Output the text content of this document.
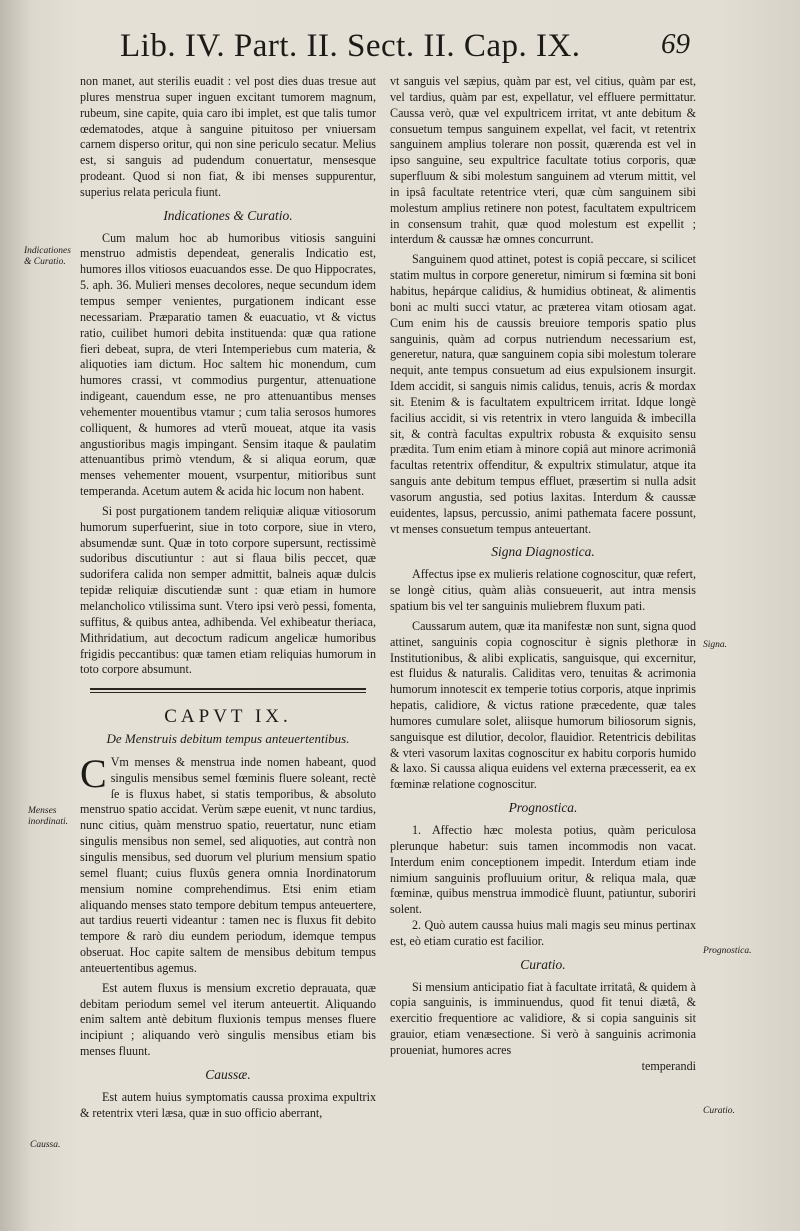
Lib. IV. Part. II. Sect. II. Cap. IX.	69
Indicationes & Curatio.
Menses inordinati.
Caussa.
Signa.
Prognostica.
Curatio.

non manet, aut sterilis euadit : vel post dies duas tresue aut plures menstrua super inguen excitant tumorem magnum, rubeum, sine capite, quia caro ibi implet, est que talis tumor œdematodes, atque à sanguine pituitoso per vniuersam carnem disperso oritur, qui non sine periculo secatur. Melius est, si sanguis ad pudendum conuertatur, mensesque prodeant. Quod si non fiat, & ibi menses suppurentur, superius relata pericula fiunt.

Indicationes & Curatio.

Cum malum hoc ab humoribus vitiosis sanguini menstruo admistis dependeat, generalis Indicatio est, humores illos vitiosos euacuandos esse. De quo Hippocrates, 5. aph. 36. Mulieri menses decolores, neque secundum idem tempus semper venientes, purgationem indicant esse necessariam. Præparatio tamen & euacuatio, vt & victus ratio, cuilibet humori debita instituenda: quæ qua ratione fieri debeat, supra, de vteri Intemperiebus cum materia, & aliquoties iam dictum. Hoc saltem hic monendum, cum humores crassi, vt commodius purgentur, attenuatione indigeant, cauendum esse, ne pro attenuantibus menses vehementer mouentibus vtamur ; cum talia serosos humores colliquent, & humores ad vterũ moueat, atque ita vasis angustioribus magis impingant. Sensim itaque & paulatim attenuantibus primò vtendum, & si aliqua eorum, quæ menses vehementer mouent, vsurpentur, mitioribus sunt temperanda. Acetum autem & acida hic locum non habent.

Si post purgationem tandem reliquiæ aliquæ vitiosorum humorum superfuerint, siue in toto corpore, siue in vtero, absumendæ sunt. Quæ in toto corpore supersunt, rectissimè sudoribus discutiuntur : aut si flaua bilis peccet, quæ sudorifera calida non semper admittit, balneis aquæ dulcis tepidæ reliquiæ discutiendæ sunt : quæ etiam in humore melancholico vtilissima sunt. Vtero ipsi verò pessi, fomenta, suffitus, & quibus antea, adhibenda. Vel exhibeatur theriaca, Mithridatium, aut decoctum radicum angelicæ humoribus frigidis peccantibus: quæ tamen etiam reliquias humorum in toto corpore absumunt.

CAPVT IX.
De Menstruis debitum tempus anteuertentibus.

C Vm menses & menstrua inde nomen habeant, quod singulis mensibus semel fœminis fluere soleant, rectè ſe is fluxus habet, si statis temporibus, & absoluto menstruo spatio accidat. Verùm sæpe euenit, vt nunc tardius, nunc citius, quàm menstruo spatio, reuertatur, nunc etiam singulis mensibus non semel, sed aliquoties, aut contrà non singulis mensibus, sed duorum vel plurium mensium spatio semel fluant; cuius fluxûs genera omnia Inordinatorum mensium nomine comprehendimus. Etsi enim etiam aliquando menses stato tempore debitum tempus anteuertere, aut tardius reuerti videantur : tamen nec is fluxus fit debito tempore & rarò diu eundem periodum, idemque tempus obseruat. Hoc capite saltem de mensibus debitum tempus anteuertentibus agemus.

Est autem fluxus is mensium excretio deprauata, quæ debitam periodum semel vel iterum anteuertit. Aliquando enim saltem antè debitum fluxionis tempus menses fluere incipiunt ; aliquando verò singulis mensibus etiam bis menses fluunt.

Caussæ.

Est autem huius symptomatis caussa proxima expultrix & retentrix vteri læsa, quæ in suo officio aberrant,

vt sanguis vel sæpius, quàm par est, vel citius, quàm par est, vel tardius, quàm par est, expellatur, vel effluere permittatur. Caussa verò, quæ vel expultricem irritat, vt ante debitum & consuetum tempus sanguinem expellat, vel facit, vt retentrix sanguinem amplius tolerare non possit, quærenda est vel in ipso sanguine, seu expultrice facultate totius corporis, quæ superfluum & sibi molestum sanguinem ad vterum mittit, vel in ipsâ facultate retentrice vteri, quæ cùm sanguinem sibi molestum amplius retinere non potest, facultatem expultricem in consensum trahit, quæ quod molestum est expellit ; interdum & caussæ hæ omnes concurrunt.

Sanguinem quod attinet, potest is copiâ peccare, si scilicet statim multus in corpore generetur, nimirum si fœmina sit boni habitus, hepárque calidius, & humidius obtineat, & alimentis boni ac multi succi vtatur, ac præterea vitam otiosam agat. Cum enim his de caussis breuiore temporis spatio plus sanguinis, quàm ad corpus nutriendum necessarium est, generetur, natura, quæ sanguinem copia sibi molestum tolerare nequit, ante tempus consuetum ad eius expulsionem insurgit. Idem accidit, si sanguis nimis calidus, tenuis, acris & mordax sit. Etenim & is facultatem expultricem irritat. Idque longè facilius accidit, si vis retentrix in vtero languida & imbecilla sit, & contrà facultas expultrix robusta & exquisito sensu prædita. Tum enim etiam à minore copiâ aut minore acrimoniâ facultas retentrix offenditur, & expultrix stimulatur, atque ita sanguis ante debitum tempus effluet, præsertim si nulla adsit vasorum angustia, sed potius laxitas. Interdum & caussæ euidentes, lapsus, percussio, animi pathemata facere possunt, vt menses consuetum tempus anteuertant.

Signa Diagnostica.

Affectus ipse ex mulieris relatione cognoscitur, quæ refert, se longè citius, quàm aliàs consueuerit, aut intra mensis spatium bis vel ter sanguinis muliebrem fluxum pati.

Caussarum autem, quæ ita manifestæ non sunt, signa quod attinet, sanguinis copia cognoscitur è signis plethoræ in Institutionibus, & alibi explicatis, sanguisque, qui excernitur, est fluidus & naturalis. Caliditas vero, tenuitas & acrimonia humorum innotescit ex temperie totius corporis, atque inprimis hepatis, calidiore, & victus ratione præcedente, quæ tales humores cumulare solet, aliisque humorum biliosorum signis, sanguisque est dilutior, decolor, flauidior. Retentricis debilitas & vteri vasorum laxitas cognoscitur ex habitu corporis humido & laxo. Si caussa aliqua euidens vel externa præcesserit, ea ex fœminæ relatione cognoscitur.

Prognostica.

1. Affectio hæc molesta potius, quàm periculosa plerunque habetur: suis tamen incommodis non vacat. Interdum enim conceptionem impedit. Interdum etiam inde nimium sanguinis profluuium oritur, & reliqua mala, quæ fœminæ, quibus menstrua immodicè fluunt, patiuntur, suboriri solent.

2. Quò autem caussa huius mali magis seu minus pertinax est, eò etiam curatio est facilior.

Curatio.

Si mensium anticipatio fiat à facultate irritatâ, & quidem à copia sanguinis, is imminuendus, quod fit tenui diætâ, & exercitio frequentiore ac validiore, & si copia sanguinis sit grauior, etiam venæsectione. Si verò à sanguinis acrimonia proueniat, humores acres

temperandi
